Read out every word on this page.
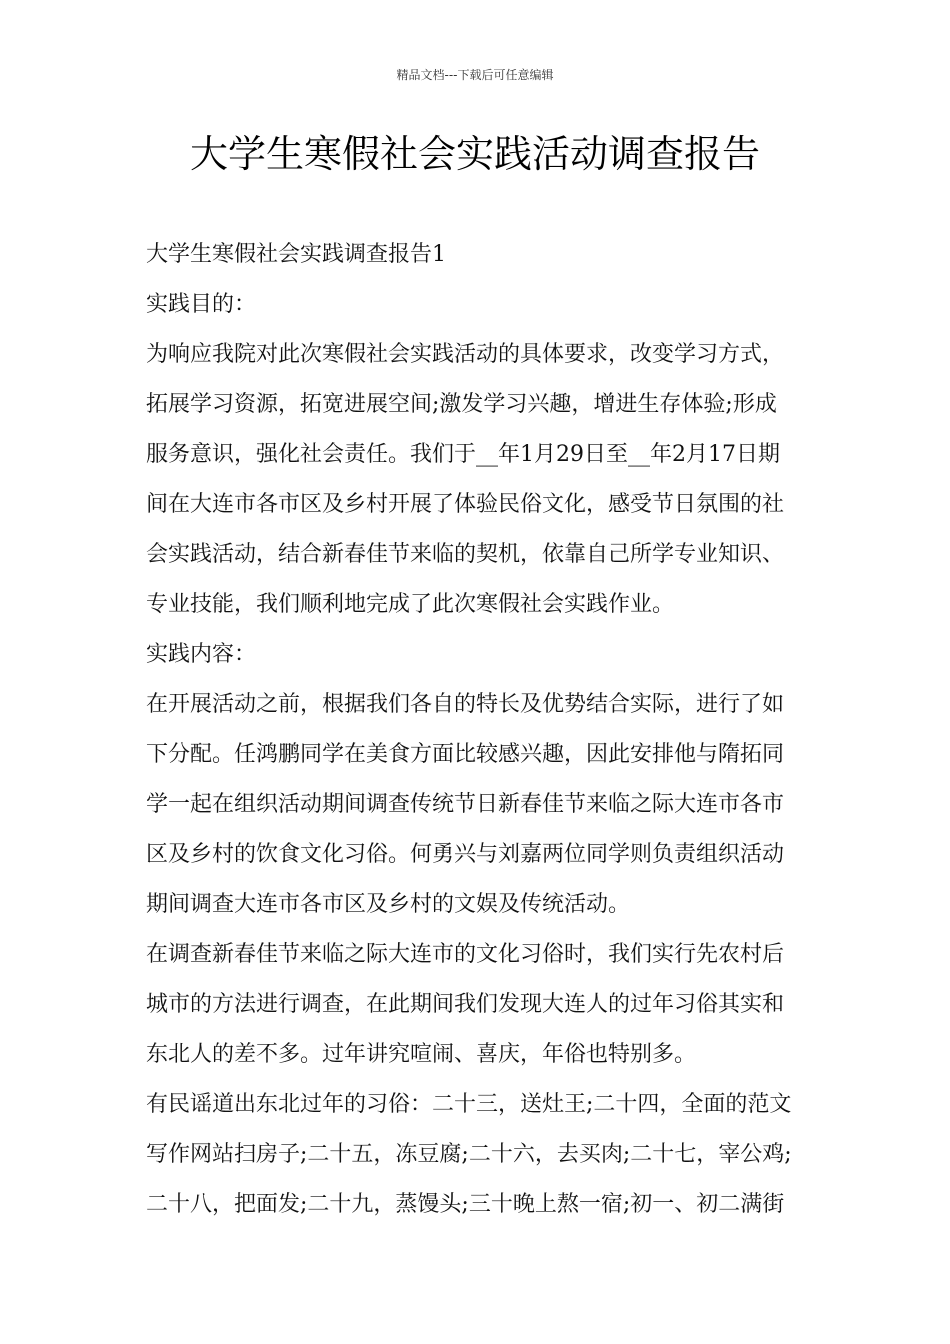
精品文档---下载后可任意编辑
大学生寒假社会实践活动调查报告
大学生寒假社会实践调查报告1
实践目的：
为响应我院对此次寒假社会实践活动的具体要求，改变学习方式，
拓展学习资源，拓宽进展空间;激发学习兴趣，增进生存体验;形成
服务意识，强化社会责任。我们于__年1月29日至__年2月17日期
间在大连市各市区及乡村开展了体验民俗文化，感受节日氛围的社
会实践活动，结合新春佳节来临的契机，依靠自己所学专业知识、
专业技能，我们顺利地完成了此次寒假社会实践作业。
实践内容：
在开展活动之前，根据我们各自的特长及优势结合实际，进行了如
下分配。任鸿鹏同学在美食方面比较感兴趣，因此安排他与隋拓同
学一起在组织活动期间调查传统节日新春佳节来临之际大连市各市
区及乡村的饮食文化习俗。何勇兴与刘嘉两位同学则负责组织活动
期间调查大连市各市区及乡村的文娱及传统活动。
在调查新春佳节来临之际大连市的文化习俗时，我们实行先农村后
城市的方法进行调查，在此期间我们发现大连人的过年习俗其实和
东北人的差不多。过年讲究喧闹、喜庆，年俗也特别多。
有民谣道出东北过年的习俗：二十三，送灶王;二十四，全面的范文
写作网站扫房子;二十五，冻豆腐;二十六，去买肉;二十七，宰公鸡;
二十八，把面发;二十九，蒸馒头;三十晚上熬一宿;初一、初二满街
